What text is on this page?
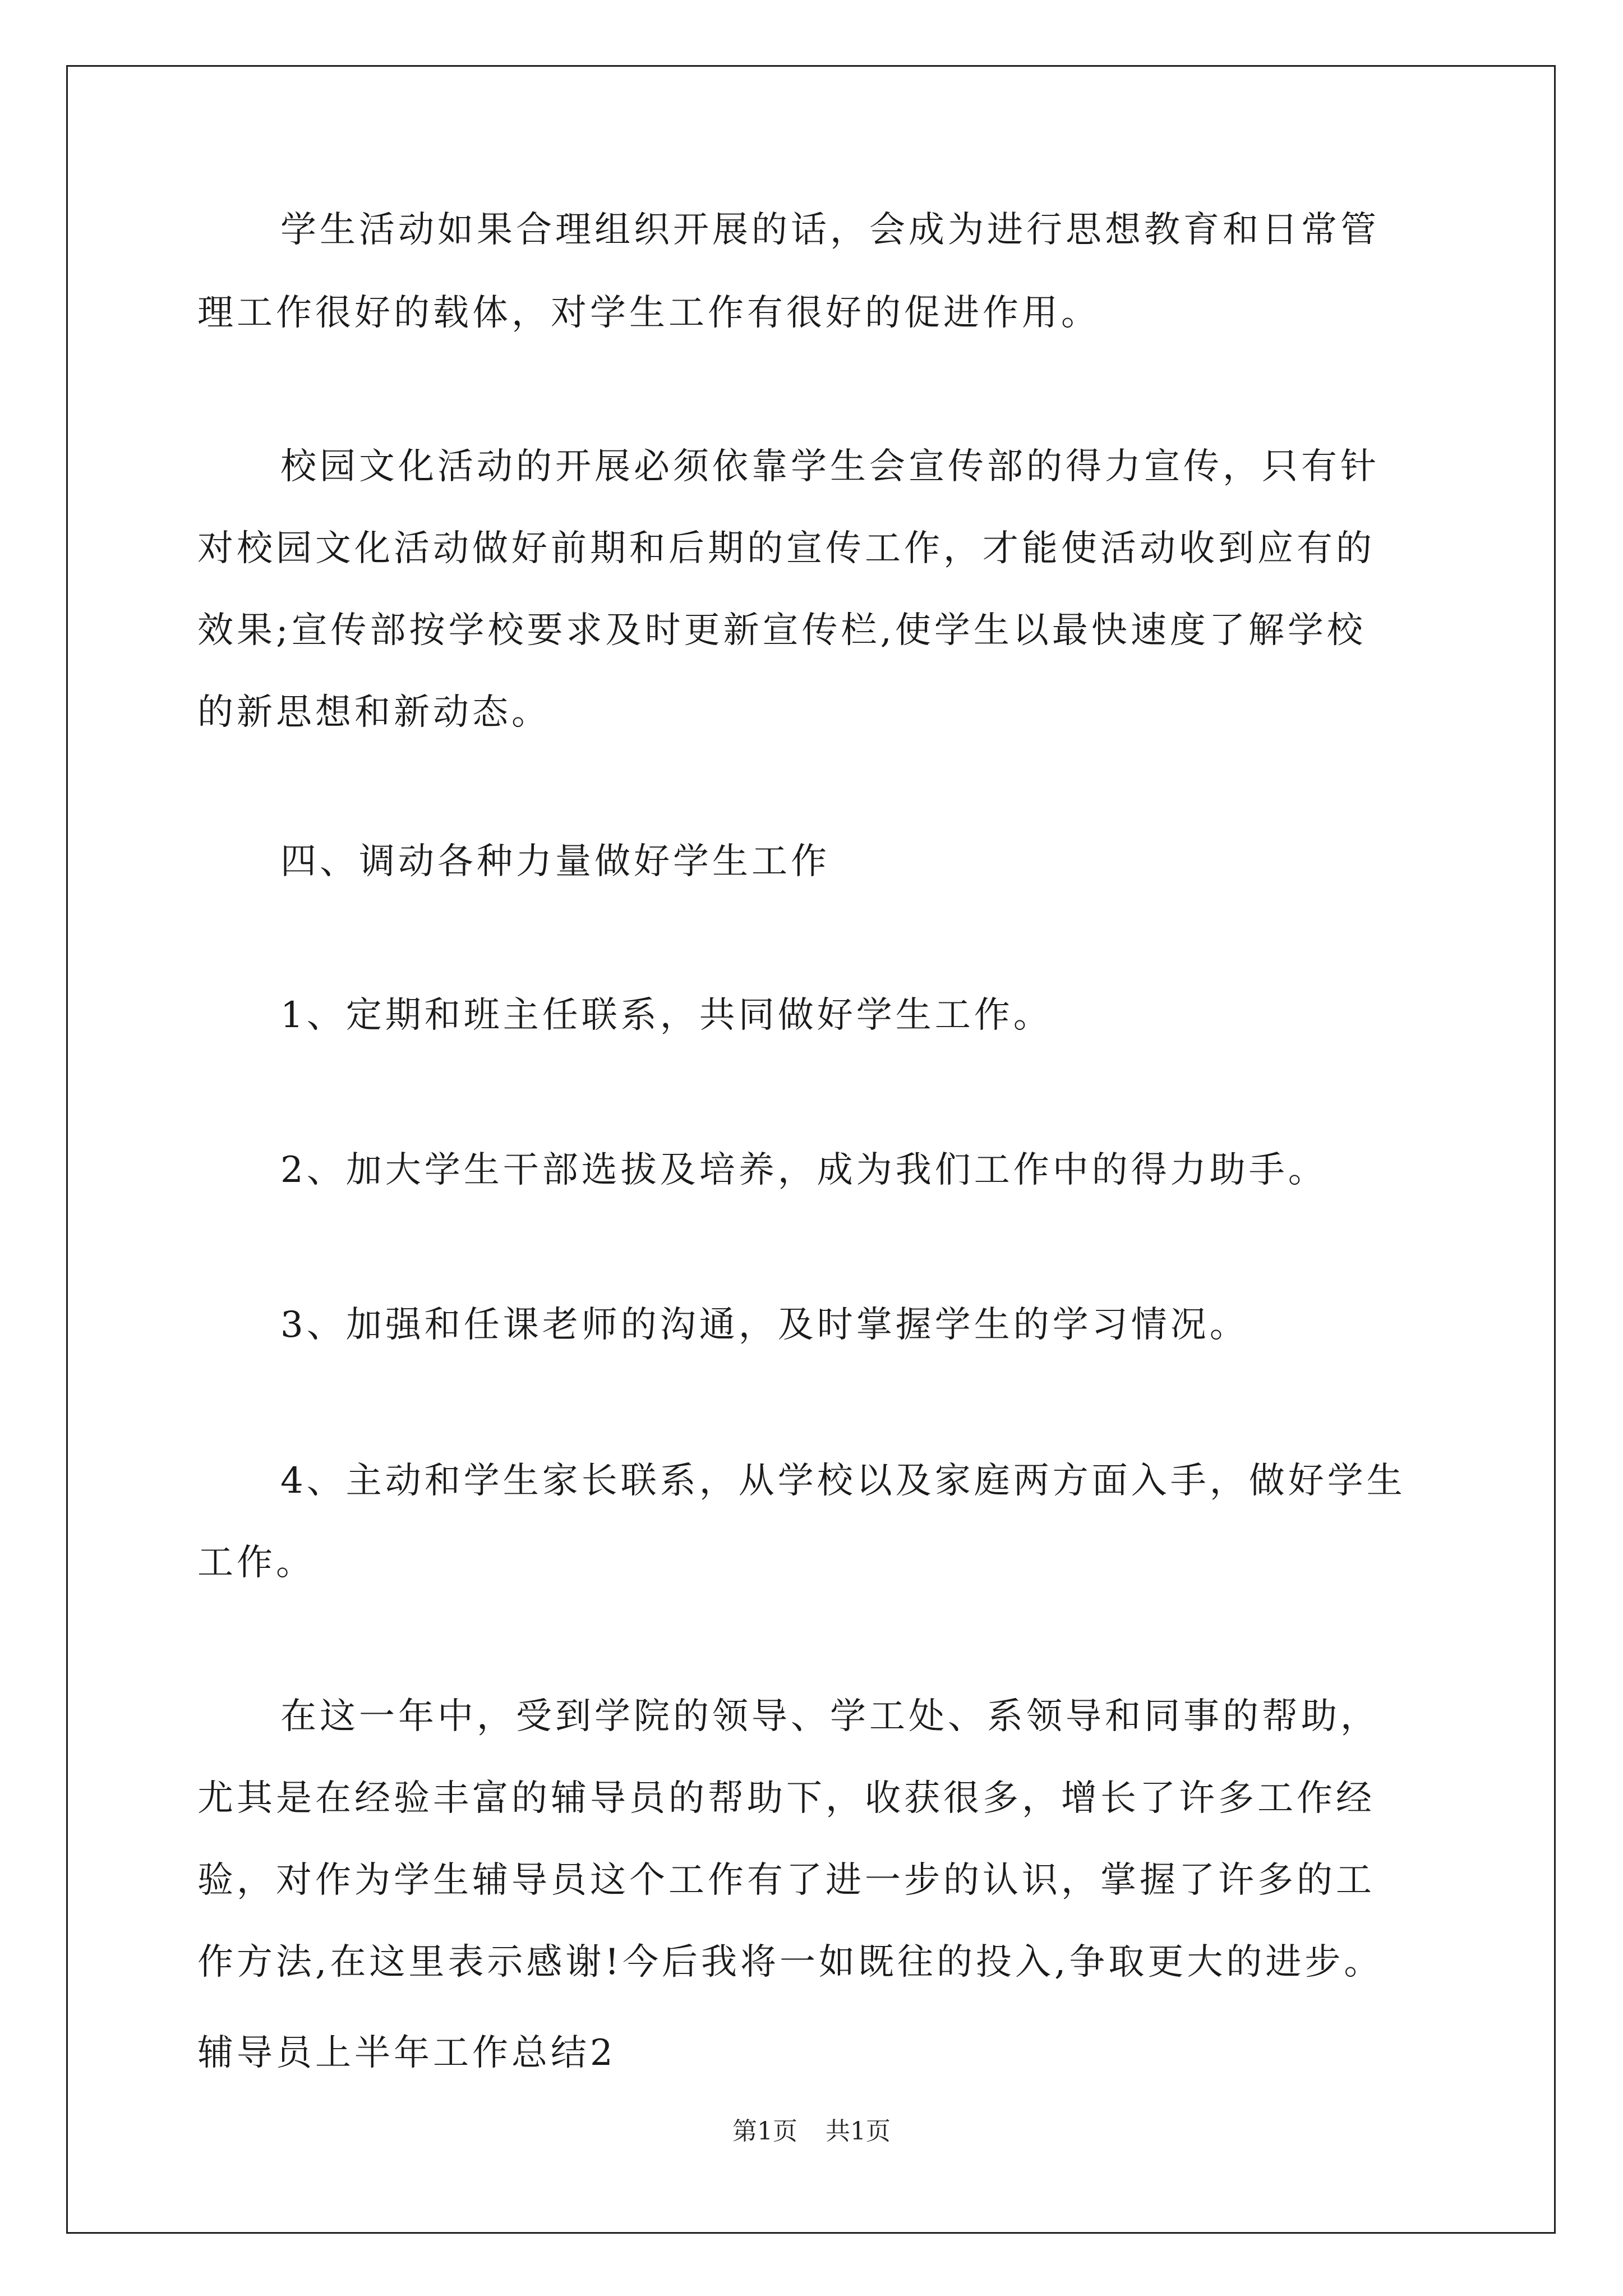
学生活动如果合理组织开展的话，会成为进行思想教育和日常管
理工作很好的载体，对学生工作有很好的促进作用。
校园文化活动的开展必须依靠学生会宣传部的得力宣传，只有针
对校园文化活动做好前期和后期的宣传工作，才能使活动收到应有的
效果;宣传部按学校要求及时更新宣传栏,使学生以最快速度了解学校
的新思想和新动态。
四、调动各种力量做好学生工作
1、定期和班主任联系，共同做好学生工作。
2、加大学生干部选拔及培养，成为我们工作中的得力助手。
3、加强和任课老师的沟通，及时掌握学生的学习情况。
4、主动和学生家长联系，从学校以及家庭两方面入手，做好学生
工作。
在这一年中，受到学院的领导、学工处、系领导和同事的帮助，
尤其是在经验丰富的辅导员的帮助下，收获很多，增长了许多工作经
验，对作为学生辅导员这个工作有了进一步的认识，掌握了许多的工
作方法,在这里表示感谢!今后我将一如既往的投入,争取更大的进步。
辅导员上半年工作总结2
第1页 共1页
